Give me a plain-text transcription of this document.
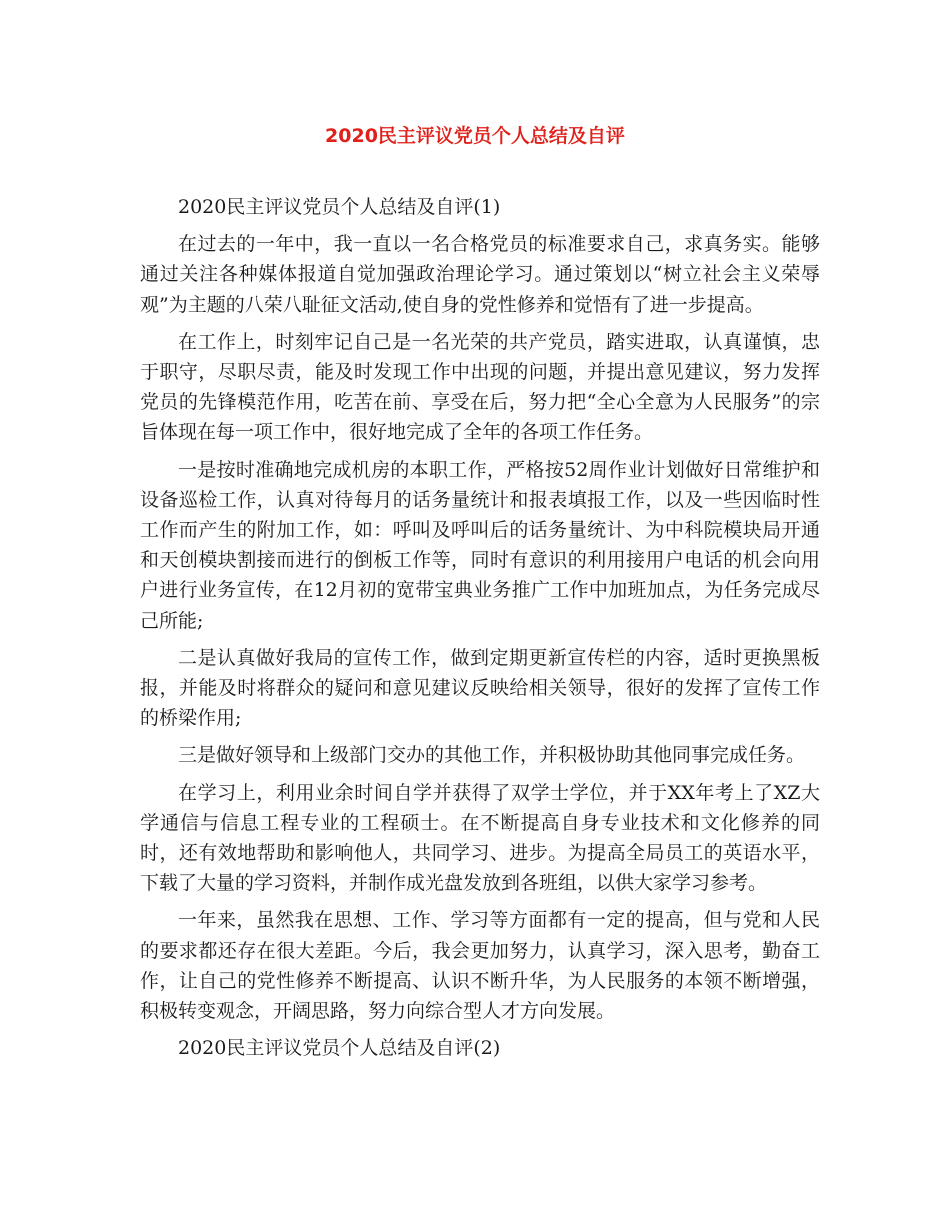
2020民主评议党员个人总结及自评

2020民主评议党员个人总结及自评(1)

在过去的一年中，我一直以一名合格党员的标准要求自己，求真务实。能够通过关注各种媒体报道自觉加强政治理论学习。通过策划以“树立社会主义荣辱观”为主题的八荣八耻征文活动,使自身的党性修养和觉悟有了进一步提高。

在工作上，时刻牢记自己是一名光荣的共产党员，踏实进取，认真谨慎，忠于职守，尽职尽责，能及时发现工作中出现的问题，并提出意见建议，努力发挥党员的先锋模范作用，吃苦在前、享受在后，努力把“全心全意为人民服务”的宗旨体现在每一项工作中，很好地完成了全年的各项工作任务。

一是按时准确地完成机房的本职工作，严格按52周作业计划做好日常维护和设备巡检工作，认真对待每月的话务量统计和报表填报工作，以及一些因临时性工作而产生的附加工作，如：呼叫及呼叫后的话务量统计、为中科院模块局开通和天创模块割接而进行的倒板工作等，同时有意识的利用接用户电话的机会向用户进行业务宣传，在12月初的宽带宝典业务推广工作中加班加点，为任务完成尽己所能;

二是认真做好我局的宣传工作，做到定期更新宣传栏的内容，适时更换黑板报，并能及时将群众的疑问和意见建议反映给相关领导，很好的发挥了宣传工作的桥梁作用;

三是做好领导和上级部门交办的其他工作，并积极协助其他同事完成任务。

在学习上，利用业余时间自学并获得了双学士学位，并于XX年考上了XZ大学通信与信息工程专业的工程硕士。在不断提高自身专业技术和文化修养的同时，还有效地帮助和影响他人，共同学习、进步。为提高全局员工的英语水平，下载了大量的学习资料，并制作成光盘发放到各班组，以供大家学习参考。

一年来，虽然我在思想、工作、学习等方面都有一定的提高，但与党和人民的要求都还存在很大差距。今后，我会更加努力，认真学习，深入思考，勤奋工作，让自己的党性修养不断提高、认识不断升华，为人民服务的本领不断增强，积极转变观念，开阔思路，努力向综合型人才方向发展。

2020民主评议党员个人总结及自评(2)
